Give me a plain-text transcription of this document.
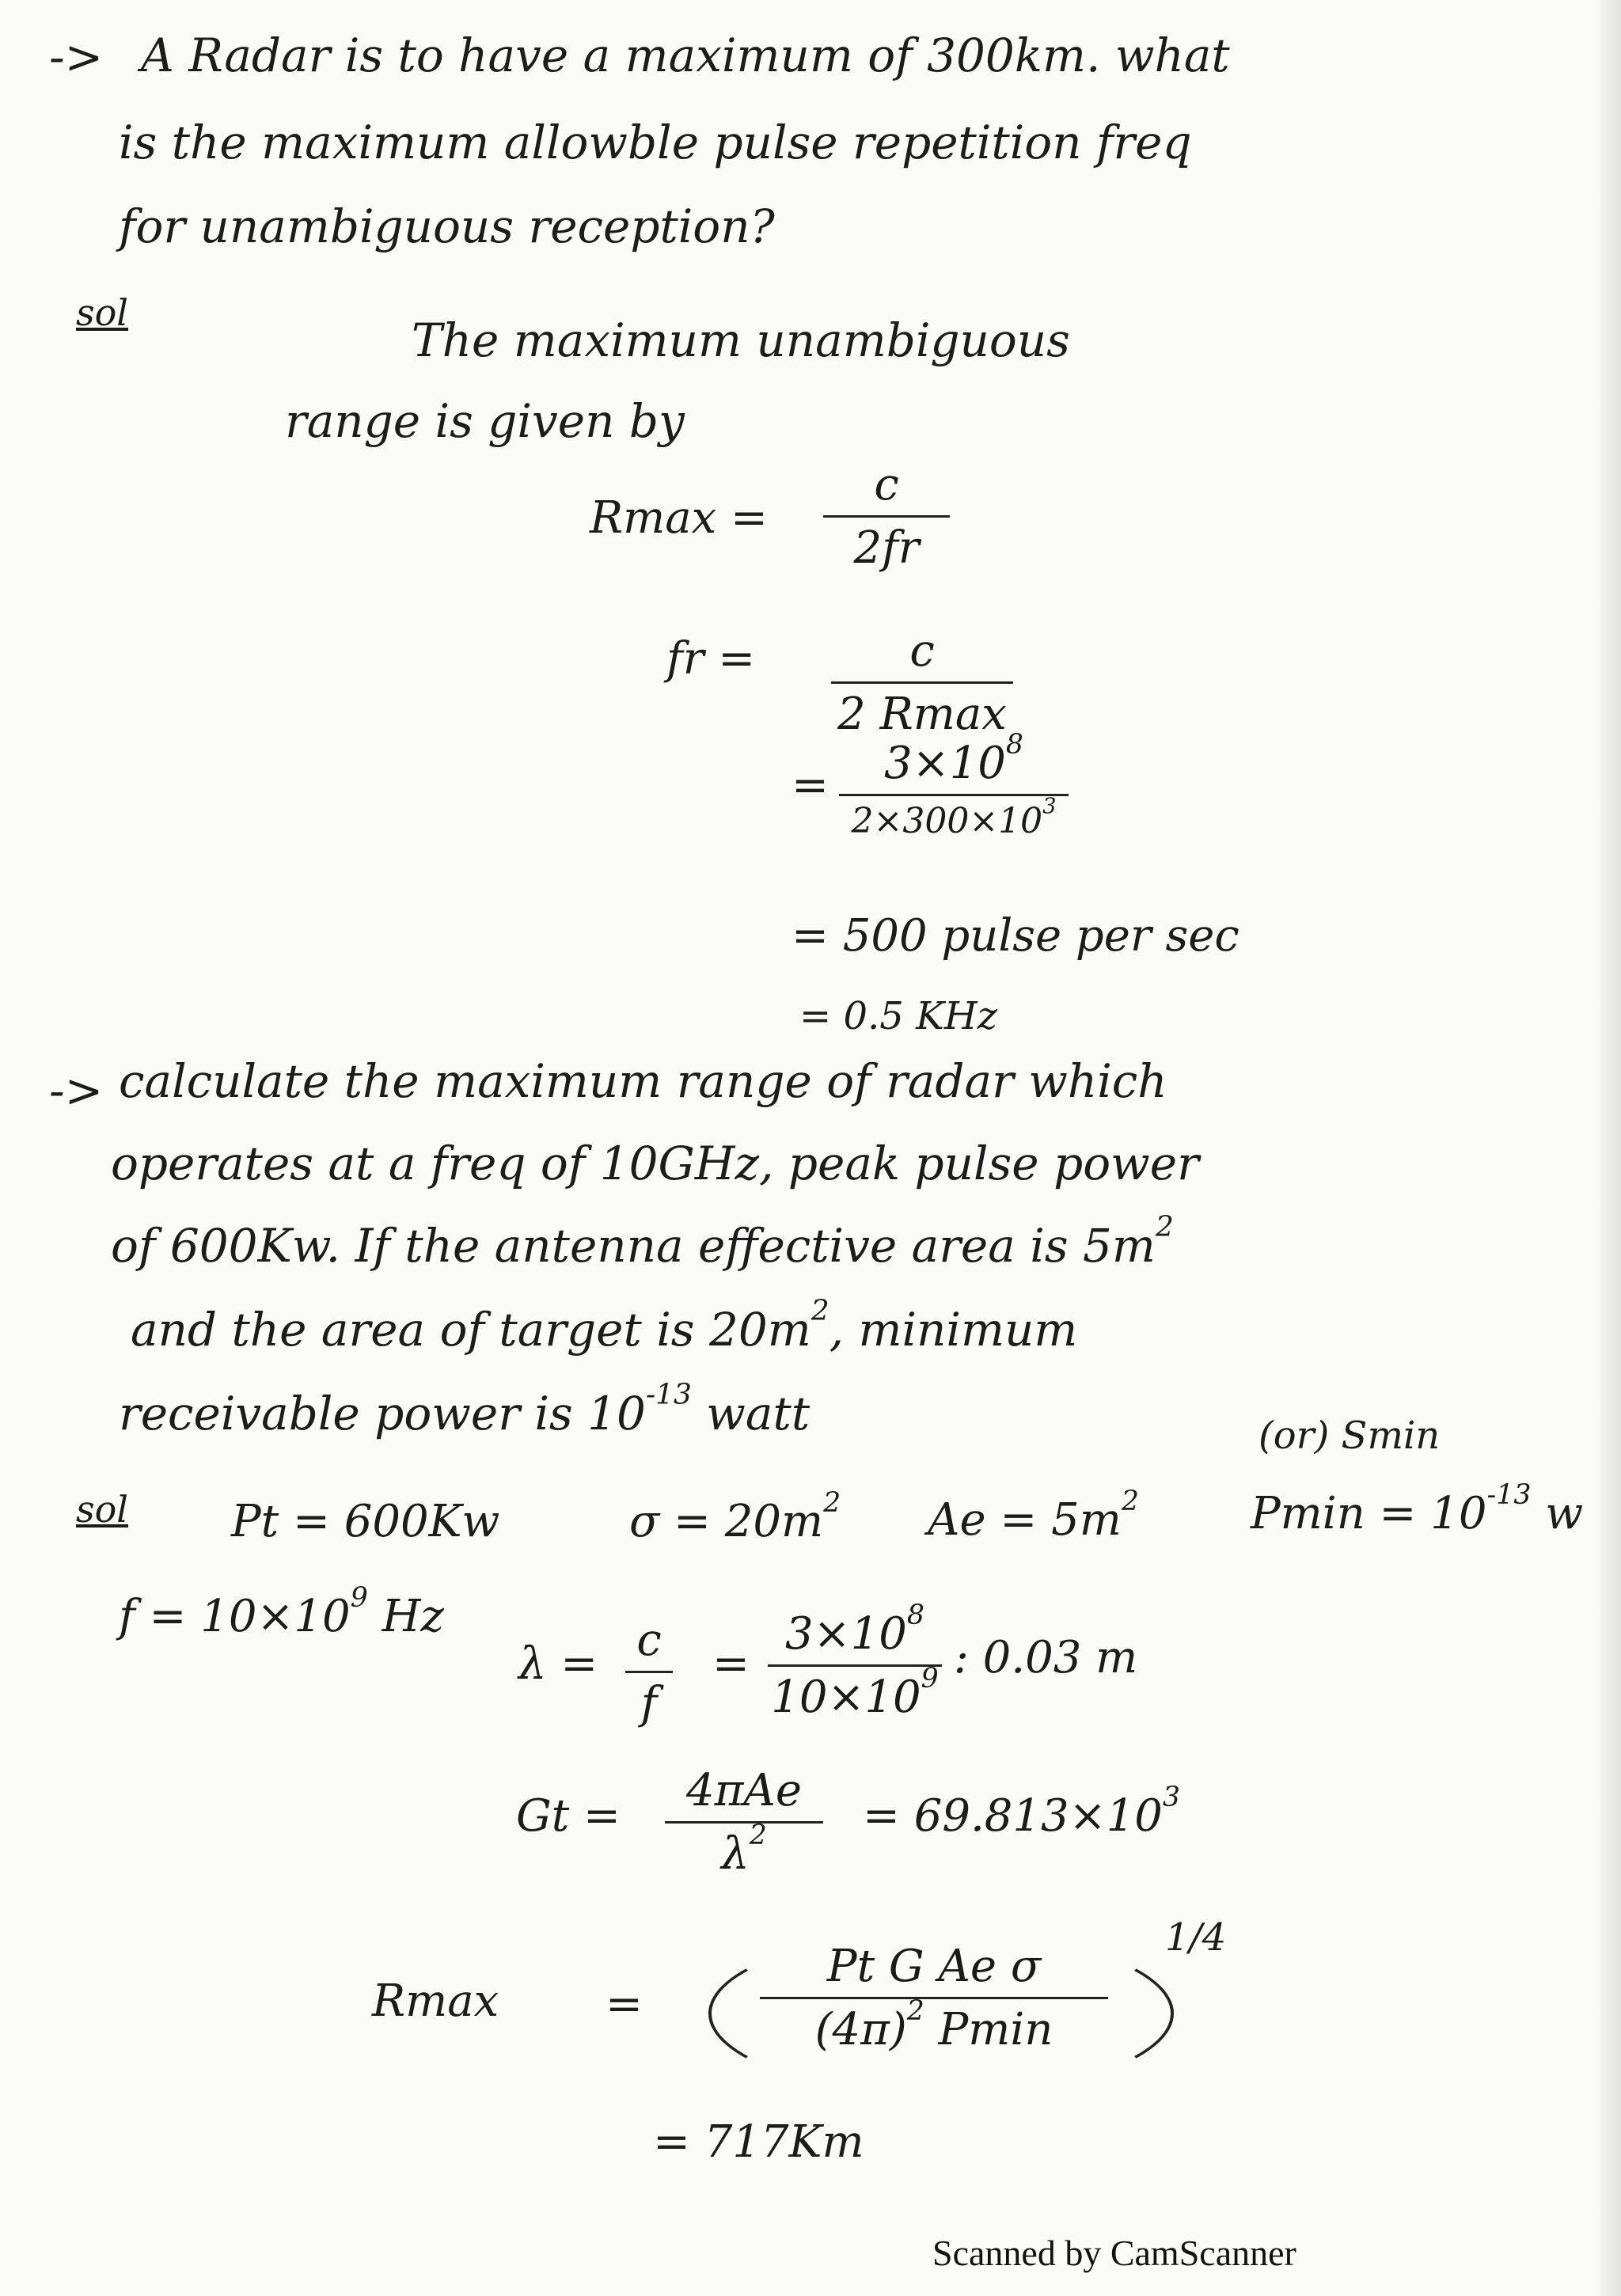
-> A Radar is to have a maximum of 300km. what
is the maximum allowble pulse repetition freq
for unambiguous reception?
sol
The maximum unambiguous
range is given by
Rmax =
c
2fr
fr =	c
2 Rmax
=	$3\times 10^8$
$2\times 300\times 10^3$
= 500 pulse per sec
= 0.5 KHz
-> calculate the maximum range of radar which
operates at a freq of 10GHz, peak pulse power
of 600Kw. If the antenna effective area is $5m^2$
and the area of target is $20m^2$, minimum
receivable power is $10^{-13}$ watt	(or) Smin
sol Pt = 600Kw	$\sigma = 20m^2$ $Ae = 5m^2$	$Pmin = 10^{-13}$ w
$f = 10\times 10^9$ Hz
λ = c
f
=
$3\times 10^8$
$10\times 10^9$ : 0.03 m
Gt =	4πAe
$\lambda^2$	= $69.813\times 10^3$
Rmax =
Pt G Ae σ
$(4\pi)^2$ Pmin
1/4
= 717Km
Scanned by CamScanner
